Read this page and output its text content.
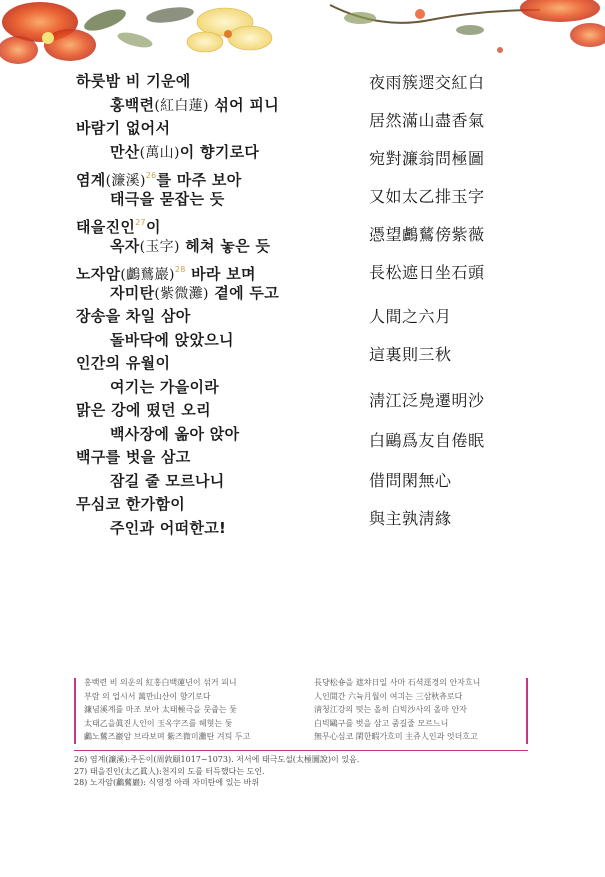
하룻밤 비 기운에
홍백련(紅白蓮) 섞어 피니
바람기 없어서
만산(萬山)이 향기로다
염계(濂溪)$^{26}$를 마주 보아
태극을 묻잡는 듯
태을진인$^{27}$이
옥자(玉字) 헤쳐 놓은 듯
노자암(鸕鶿巖)$^{28}$ 바라 보며
자미탄(紫微灘) 곁에 두고
장송을 차일 삼아
돌바닥에 앉았으니
인간의 유월이
여기는 가을이라
맑은 강에 떴던 오리
백사장에 옮아 앉아
백구를 벗을 삼고
잠길 줄 모르나니
무심코 한가함이
주인과 어떠한고!
夜雨簇遝交紅白
居然滿山盡香氣
宛對濂翁問極圖
又如太乙排玉字
憑望鸕鶿傍紫薇
長松遮日坐石頭
人間之六月
這裏則三秋
淸江泛鳧遷明沙
白鷗爲友自倦眠
借問閑無心
與主孰淸緣
홍백련 비 의운의 紅홍白백蓮년이 섞거 피니
부람 의 업시서 萬만山산이 향기로다
濂념溪계를 마조 보아 太태極극을 뭇줍는 둧
太태乙을眞진人인이 玉옥字즈를 헤혓는 둧
鸕노鶿즈巖암 브라보며 紫즈微미灘탄 겨틔 두고
長댱松숑을 遮챠日일 사마 石셕逕경의 안자흐니
人인間간 六뉵月월이 여긔는 三삼秋츄로다
淸청江강의 떳는 올히 白빅沙사의 올마 안자
白빅鷗구를 벗을 삼고 줌길줄 모르느니
無무心심코 閑한暇가흐미 主쥬人인과 엇더흐고
26) 염계(濂溪):주돈이(周敦頤1017~1073). 저서에 태극도설(太極圖說)이 있음.
27) 태을진인(太乙眞人):천지의 도를 터득했다는 도인.
28) 노자암(鸕鶿巖): 식영정 아래 자미탄에 있는 바위
